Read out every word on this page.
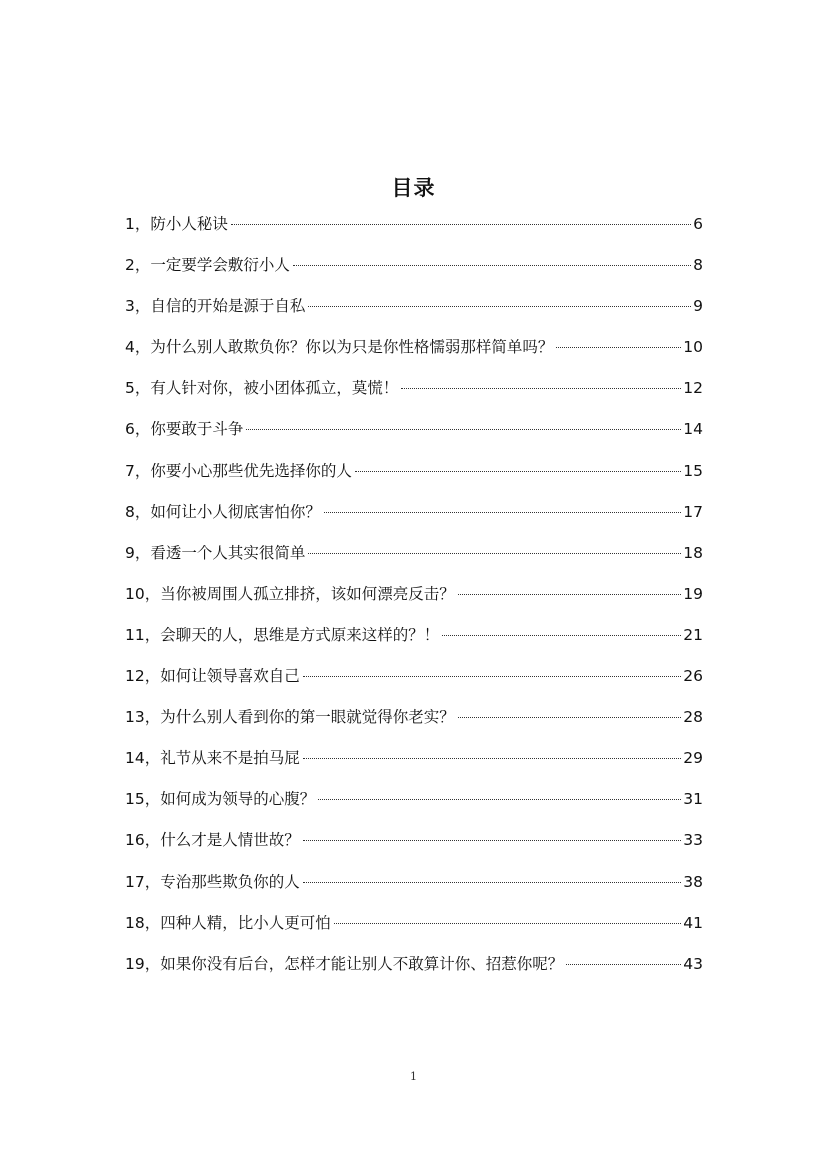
目录
1，防小人秘诀	6
2，一定要学会敷衍小人	8
3，自信的开始是源于自私	9
4，为什么别人敢欺负你？你以为只是你性格懦弱那样简单吗？	10
5，有人针对你，被小团体孤立，莫慌！	12
6，你要敢于斗争	14
7，你要小心那些优先选择你的人	15
8，如何让小人彻底害怕你？	17
9，看透一个人其实很简单	18
10，当你被周围人孤立排挤，该如何漂亮反击？	19
11，会聊天的人，思维是方式原来这样的？！	21
12，如何让领导喜欢自己	26
13，为什么别人看到你的第一眼就觉得你老实？	28
14，礼节从来不是拍马屁	29
15，如何成为领导的心腹？	31
16，什么才是人情世故？	33
17，专治那些欺负你的人	38
18，四种人精，比小人更可怕	41
19，如果你没有后台，怎样才能让别人不敢算计你、招惹你呢？	43
1
